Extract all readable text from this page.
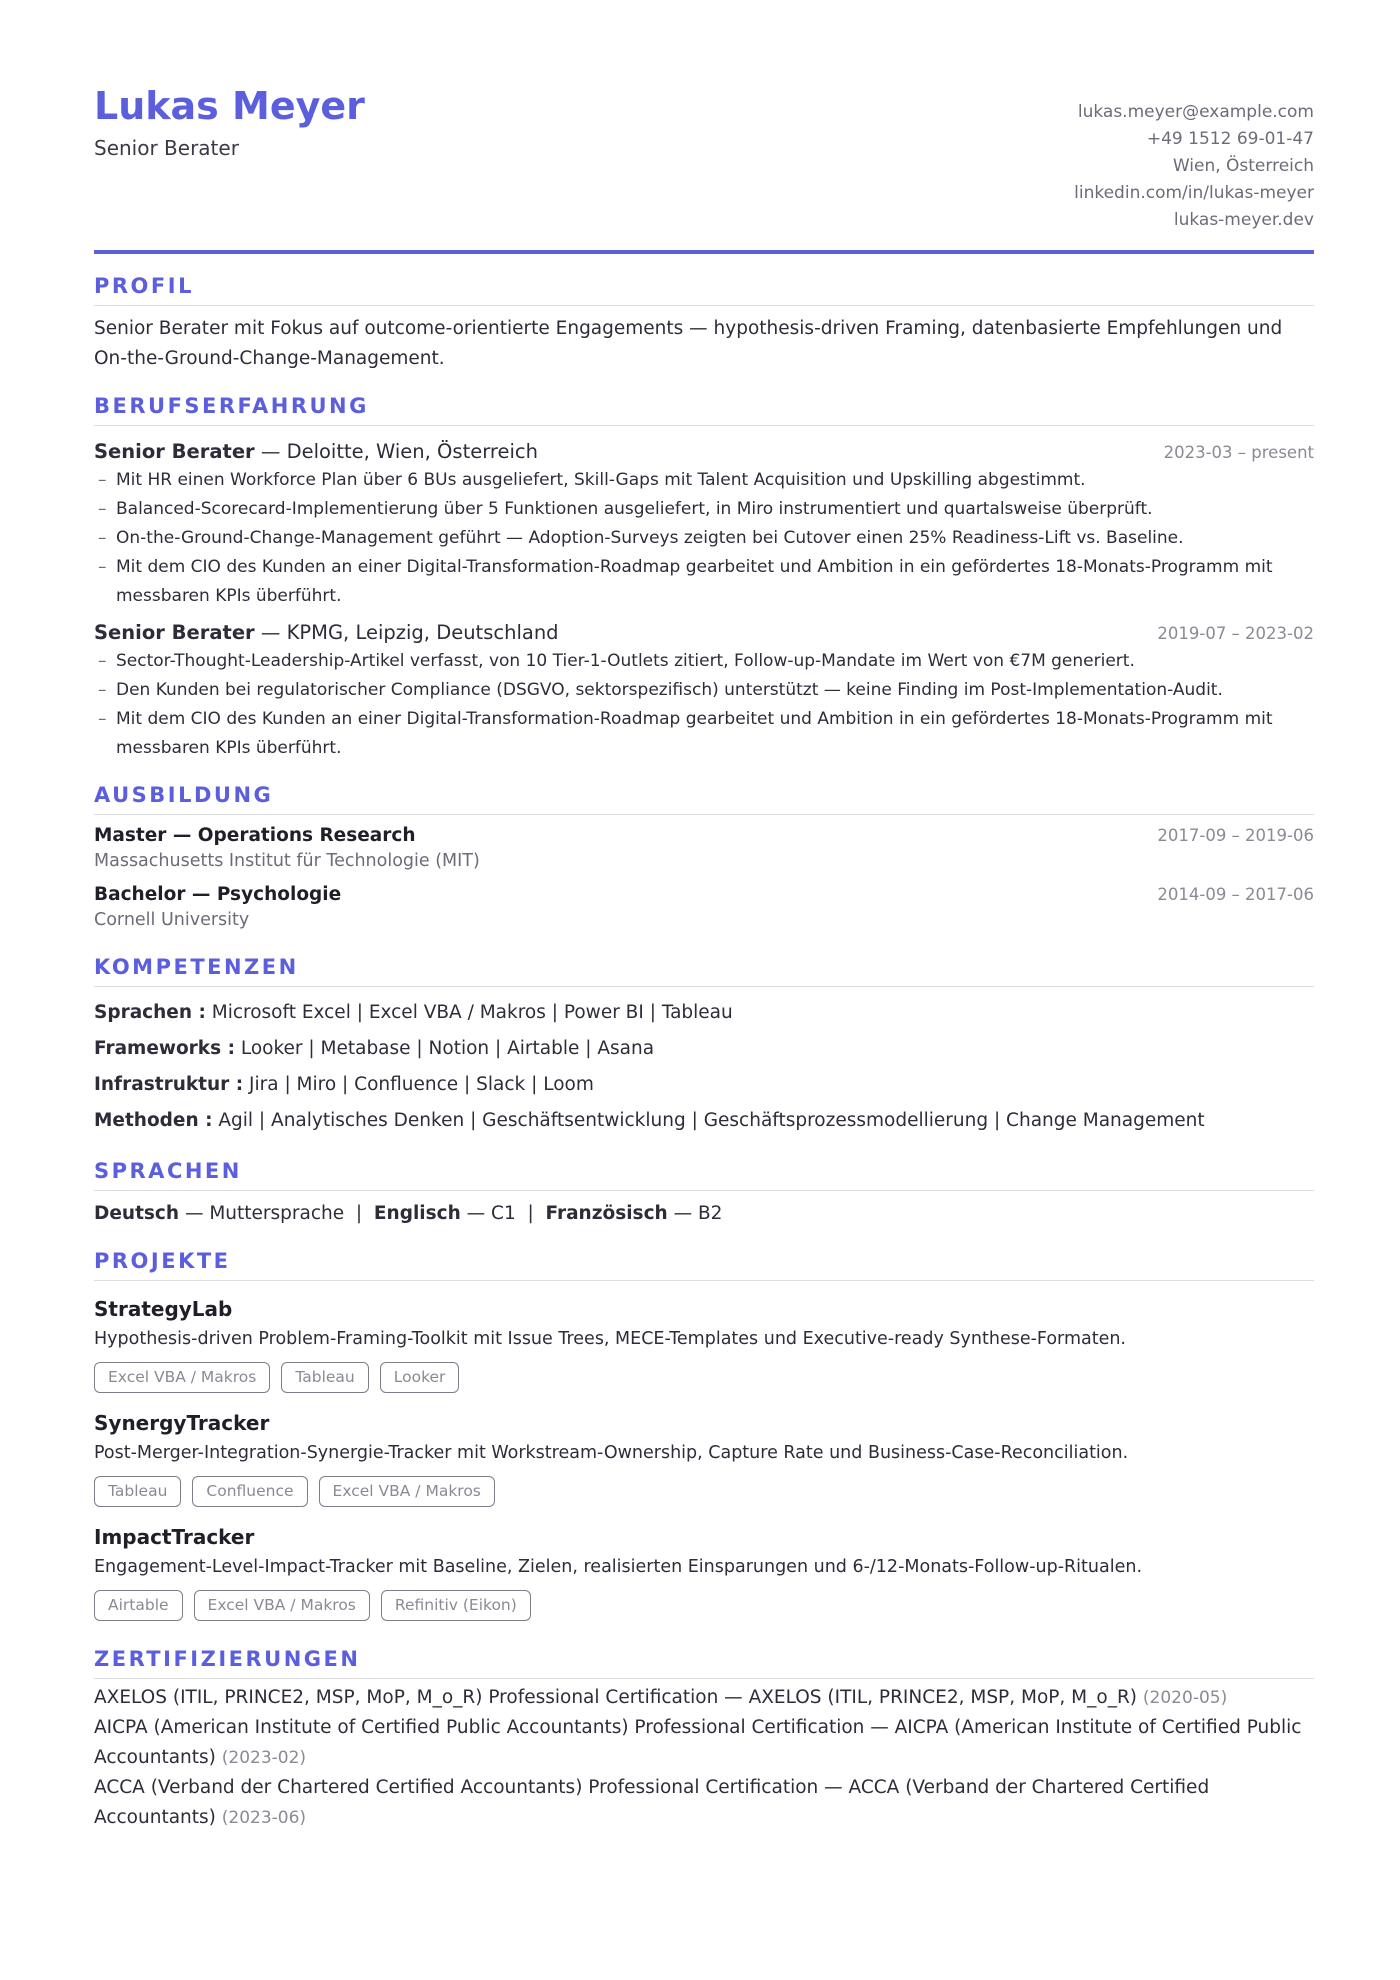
Lukas Meyer
Senior Berater
lukas.meyer@example.com
+49 1512 69-01-47
Wien, Österreich
linkedin.com/in/lukas-meyer
lukas-meyer.dev
PROFIL

Senior Berater mit Fokus auf outcome-orientierte Engagements — hypothesis-driven Framing, datenbasierte Empfehlungen und On-the-Ground-Change-Management.

BERUFSERFAHRUNG
Senior Berater — Deloitte, Wien, Österreich	2023-03 – present
– Mit HR einen Workforce Plan über 6 BUs ausgeliefert, Skill-Gaps mit Talent Acquisition und Upskilling abgestimmt.
– Balanced-Scorecard-Implementierung über 5 Funktionen ausgeliefert, in Miro instrumentiert und quartalsweise überprüft.
– On-the-Ground-Change-Management geführt — Adoption-Surveys zeigten bei Cutover einen 25% Readiness-Lift vs. Baseline.
– Mit dem CIO des Kunden an einer Digital-Transformation-Roadmap gearbeitet und Ambition in ein gefördertes 18-Monats-Programm mit messbaren KPIs überführt.
Senior Berater — KPMG, Leipzig, Deutschland	2019-07 – 2023-02
– Sector-Thought-Leadership-Artikel verfasst, von 10 Tier-1-Outlets zitiert, Follow-up-Mandate im Wert von €7M generiert.
– Den Kunden bei regulatorischer Compliance (DSGVO, sektorspezifisch) unterstützt — keine Finding im Post-Implementation-Audit.
– Mit dem CIO des Kunden an einer Digital-Transformation-Roadmap gearbeitet und Ambition in ein gefördertes 18-Monats-Programm mit messbaren KPIs überführt.
AUSBILDUNG
Master — Operations Research	2017-09 – 2019-06
Massachusetts Institut für Technologie (MIT)
Bachelor — Psychologie	2014-09 – 2017-06
Cornell University
KOMPETENZEN
Sprachen : Microsoft Excel | Excel VBA / Makros | Power BI | Tableau
Frameworks : Looker | Metabase | Notion | Airtable | Asana
Infrastruktur : Jira | Miro | Confluence | Slack | Loom
Methoden : Agil | Analytisches Denken | Geschäftsentwicklung | Geschäftsprozessmodellierung | Change Management
SPRACHEN
Deutsch — Muttersprache | Englisch — C1 | Französisch — B2
PROJEKTE
StrategyLab
Hypothesis-driven Problem-Framing-Toolkit mit Issue Trees, MECE-Templates und Executive-ready Synthese-Formaten.
Excel VBA / Makros	Tableau	Looker
SynergyTracker
Post-Merger-Integration-Synergie-Tracker mit Workstream-Ownership, Capture Rate und Business-Case-Reconciliation.
Tableau	Confluence	Excel VBA / Makros
ImpactTracker
Engagement-Level-Impact-Tracker mit Baseline, Zielen, realisierten Einsparungen und 6-/12-Monats-Follow-up-Ritualen.
Airtable	Excel VBA / Makros	Refinitiv (Eikon)
ZERTIFIZIERUNGEN
AXELOS (ITIL, PRINCE2, MSP, MoP, M_o_R) Professional Certification — AXELOS (ITIL, PRINCE2, MSP, MoP, M_o_R) (2020-05)
AICPA (American Institute of Certified Public Accountants) Professional Certification — AICPA (American Institute of Certified Public Accountants) (2023-02)
ACCA (Verband der Chartered Certified Accountants) Professional Certification — ACCA (Verband der Chartered Certified Accountants) (2023-06)
